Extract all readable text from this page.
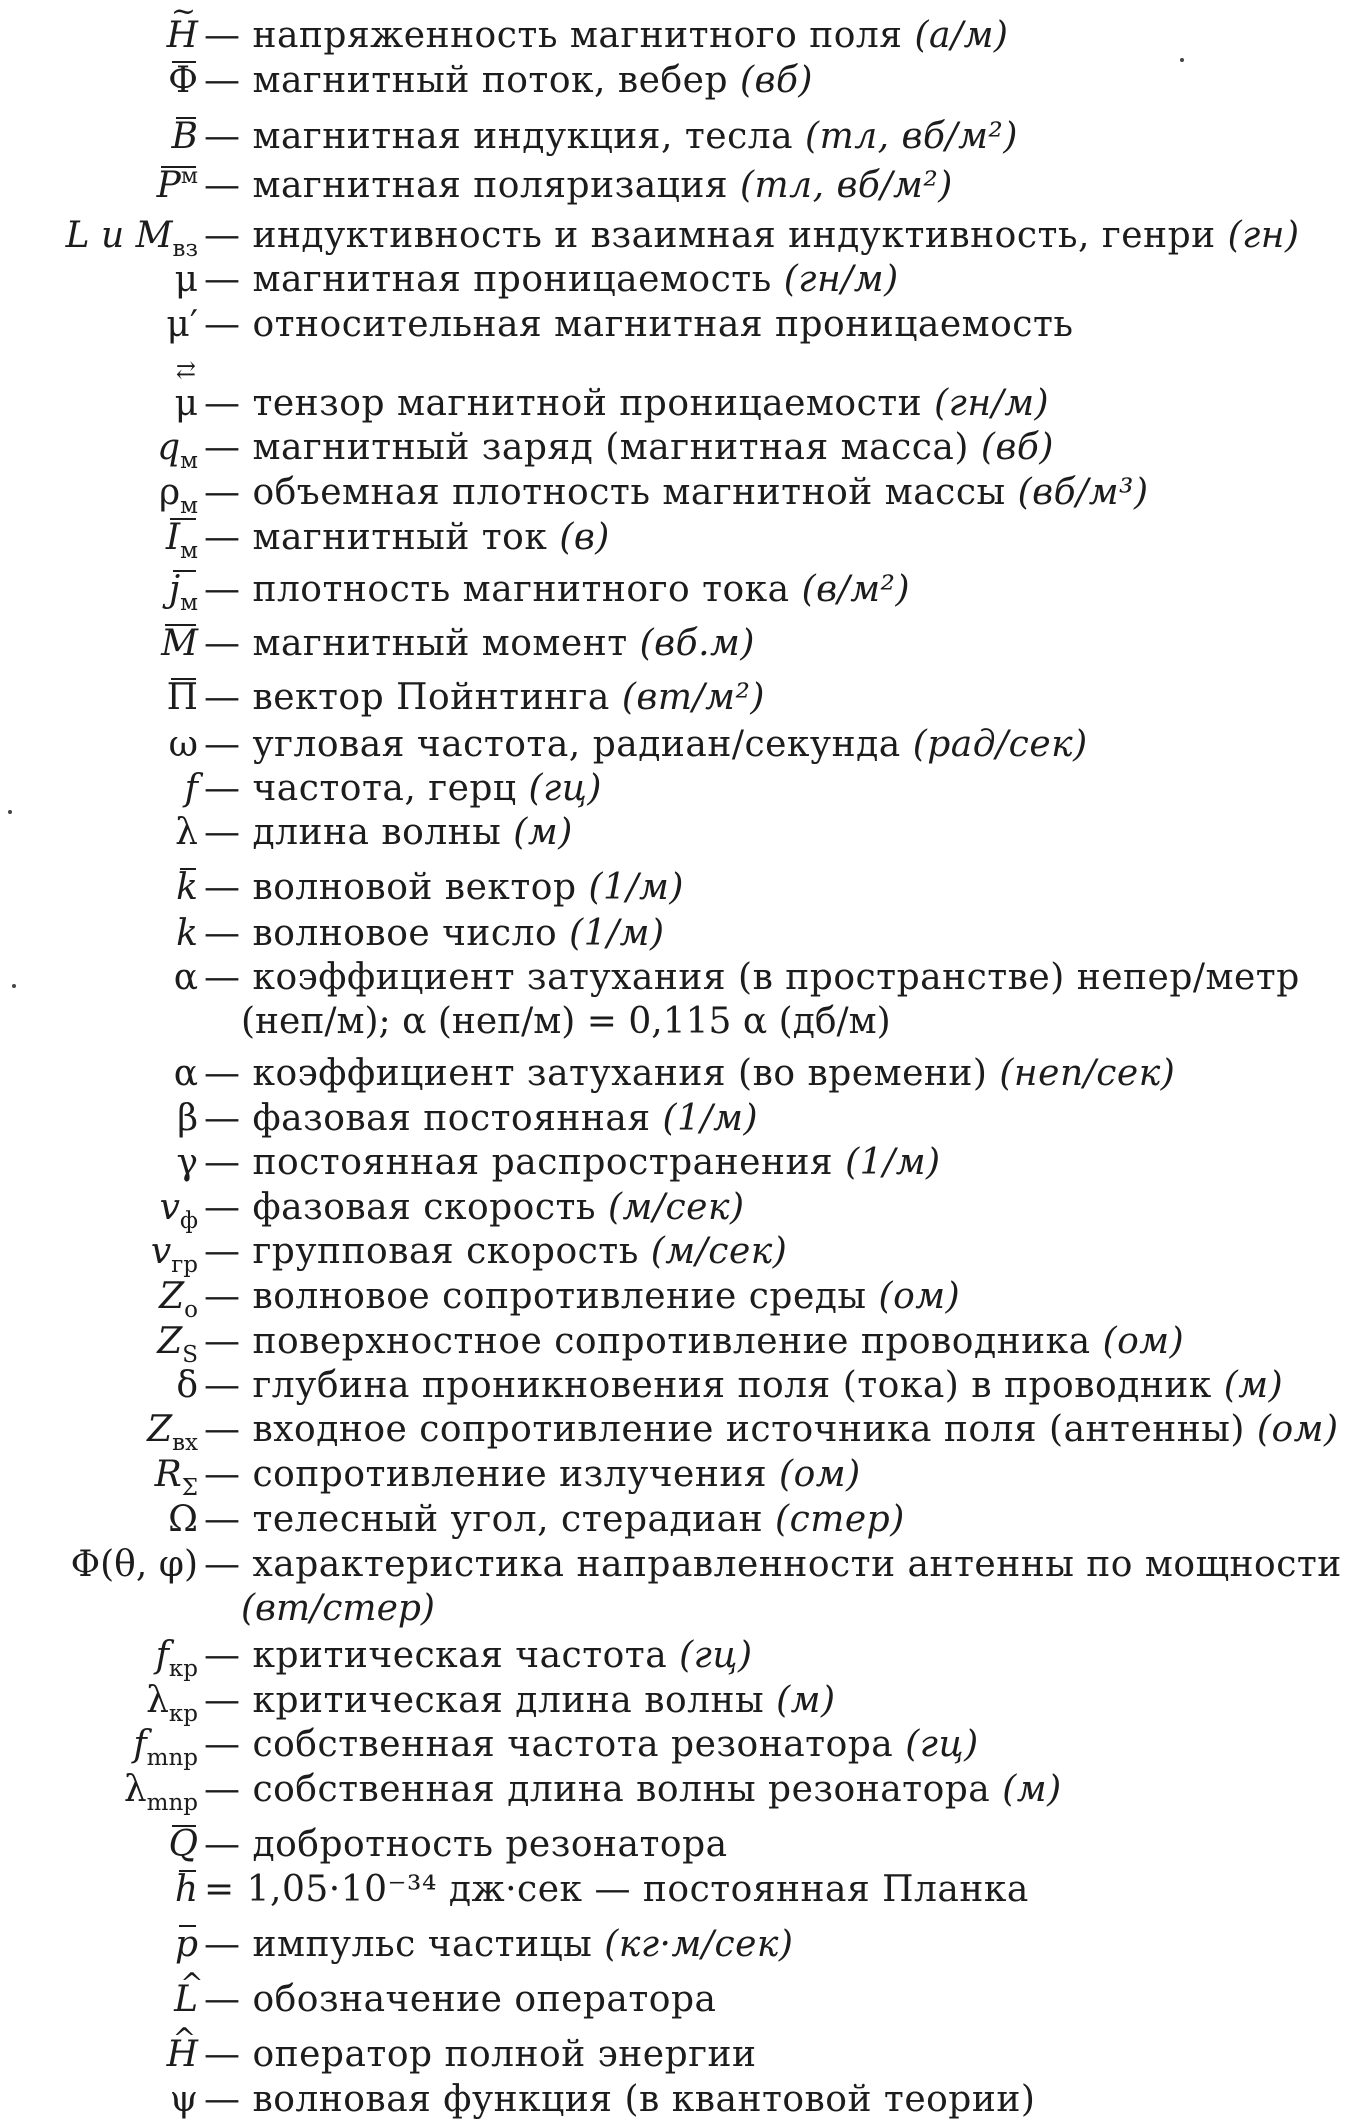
~ H — напряженность магнитного поля (а/м)
Ф — магнитный поток, вебер (вб)
B — магнитная индукция, тесла (тл, вб/м²)
$P^м$ — магнитная поляризация (тл, вб/м²)
L и $M_{вз}$ — индуктивность и взаимная индуктивность, генри (гн)
μ — магнитная проницаемость (гн/м)
μ′ — относительная магнитная проницаемость
⇄ μ — тензор магнитной проницаемости (гн/м)
$q_м$ — магнитный заряд (магнитная масса) (вб)
$\rho_м$ — объемная плотность магнитной массы (вб/м³)
$I_м$ — магнитный ток (в)
$j_м$ — плотность магнитного тока (в/м²)
M — магнитный момент (вб.м)
П — вектор Пойнтинга (вт/м²)
ω — угловая частота, радиан/секунда (рад/сек)
f — частота, герц (гц)
λ — длина волны (м)
k — волновой вектор (1/м)
k — волновое число (1/м)
α — коэффициент затухания (в пространстве) непер/метр
(неп/м); α (неп/м) = 0,115 α (дб/м)
α — коэффициент затухания (во времени) (неп/сек)
β — фазовая постоянная (1/м)
γ — постоянная распространения (1/м)
$v_ф$ — фазовая скорость (м/сек)
$v_{гр}$ — групповая скорость (м/сек)
$Z_о$ — волновое сопротивление среды (ом)
$Z_S$ — поверхностное сопротивление проводника (ом)
δ — глубина проникновения поля (тока) в проводник (м)
$Z_{вх}$ — входное сопротивление источника поля (антенны) (ом)
$R_\Sigma$ — сопротивление излучения (ом)
Ω — телесный угол, стерадиан (стер)
Φ(θ, φ) — характеристика направленности антенны по мощности
(вт/стер)
$f_{кр}$ — критическая частота (гц)
$\lambda_{кр}$ — критическая длина волны (м)
$f_{mnp}$ — собственная частота резонатора (гц)
$\lambda_{mnp}$ — собственная длина волны резонатора (м)
Q — добротность резонатора
h = 1,05·10⁻³⁴ дж·сек — постоянная Планка
p — импульс частицы (кг·м/сек)
^ L — обозначение оператора
^ H — оператор полной энергии
ψ — волновая функция (в квантовой теории)
